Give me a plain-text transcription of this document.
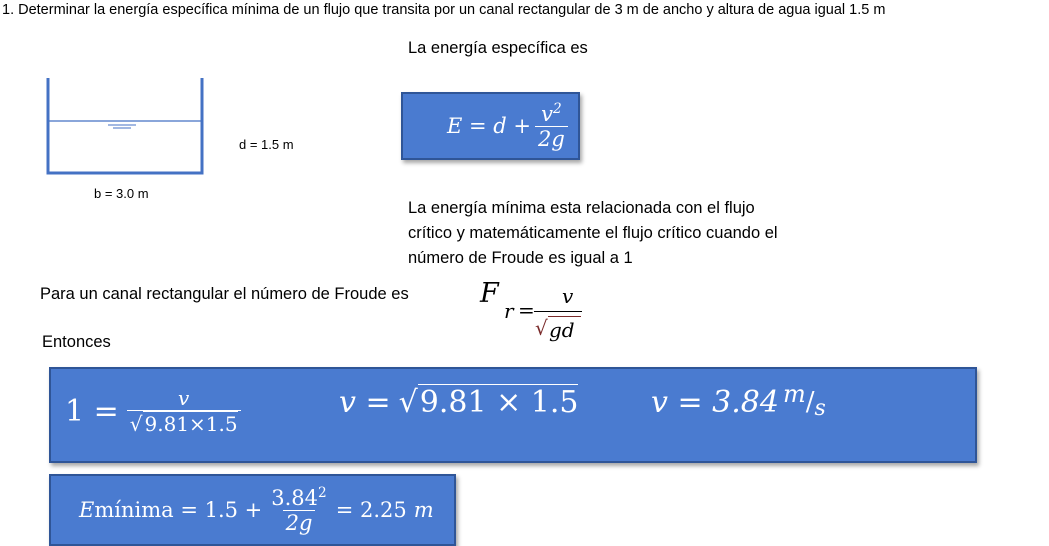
1. Determinar la energía específica mínima de un flujo que transita por un canal rectangular de 3 m de ancho y altura de agua igual 1.5 m
d = 1.5 m
b = 3.0 m
La energía específica es
$E = d + \frac{v^2}{2g}$
La energía mínima esta relacionada con el flujo
crítico y matemáticamente el flujo crítico cuando el
número de Froude es igual a 1
Para un canal rectangular el número de Froude es	F
r =
v
√ gd
Entonces
$1 = \frac{v}{√ 9.81\times 1.5}$	v = √ 9.81 × 1.5 v = 3.84 m / s
E mínima = $1.5 + \frac{3.84^2}{2g} = 2.25$ m
